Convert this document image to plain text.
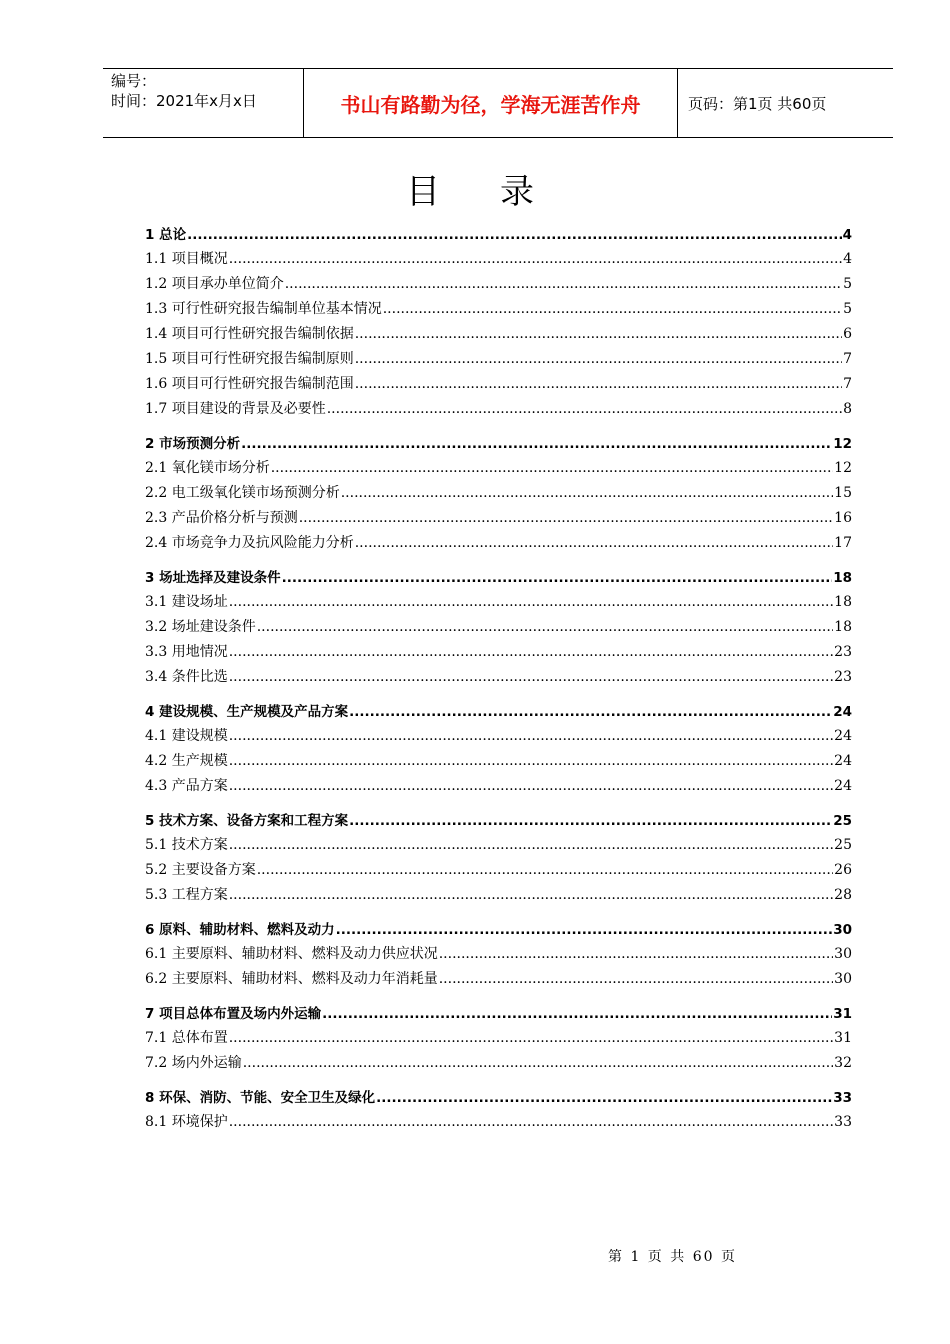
编号：
时间：2021年x月x日	书山有路勤为径，学海无涯苦作舟	页码：第1页 共60页
目录
1 总论 .....	4
1.1 项目概况 .....	4
1.2 项目承办单位简介 .....	5
1.3 可行性研究报告编制单位基本情况 .....	5
1.4 项目可行性研究报告编制依据 .....	6
1.5 项目可行性研究报告编制原则 .....	7
1.6 项目可行性研究报告编制范围 .....	7
1.7 项目建设的背景及必要性 .....	8
2 市场预测分析 .....	12
2.1 氧化镁市场分析 .....	12
2.2 电工级氧化镁市场预测分析 .....	15
2.3 产品价格分析与预测 .....	16
2.4 市场竞争力及抗风险能力分析 .....	17
3 场址选择及建设条件 .....	18
3.1 建设场址 .....	18
3.2 场址建设条件 .....	18
3.3 用地情况 .....	23
3.4 条件比选 .....	23
4 建设规模、生产规模及产品方案 .....	24
4.1 建设规模 .....	24
4.2 生产规模 .....	24
4.3 产品方案 .....	24
5 技术方案、设备方案和工程方案 .....	25
5.1 技术方案 .....	25
5.2 主要设备方案 .....	26
5.3 工程方案 .....	28
6 原料、辅助材料、燃料及动力 .....	30
6.1 主要原料、辅助材料、燃料及动力供应状况 .....	30
6.2 主要原料、辅助材料、燃料及动力年消耗量 .....	30
7 项目总体布置及场内外运输 .....	31
7.1 总体布置 .....	31
7.2 场内外运输 .....	32
8 环保、消防、节能、安全卫生及绿化 .....	33
8.1 环境保护 .....	33
第 1 页 共 60 页
